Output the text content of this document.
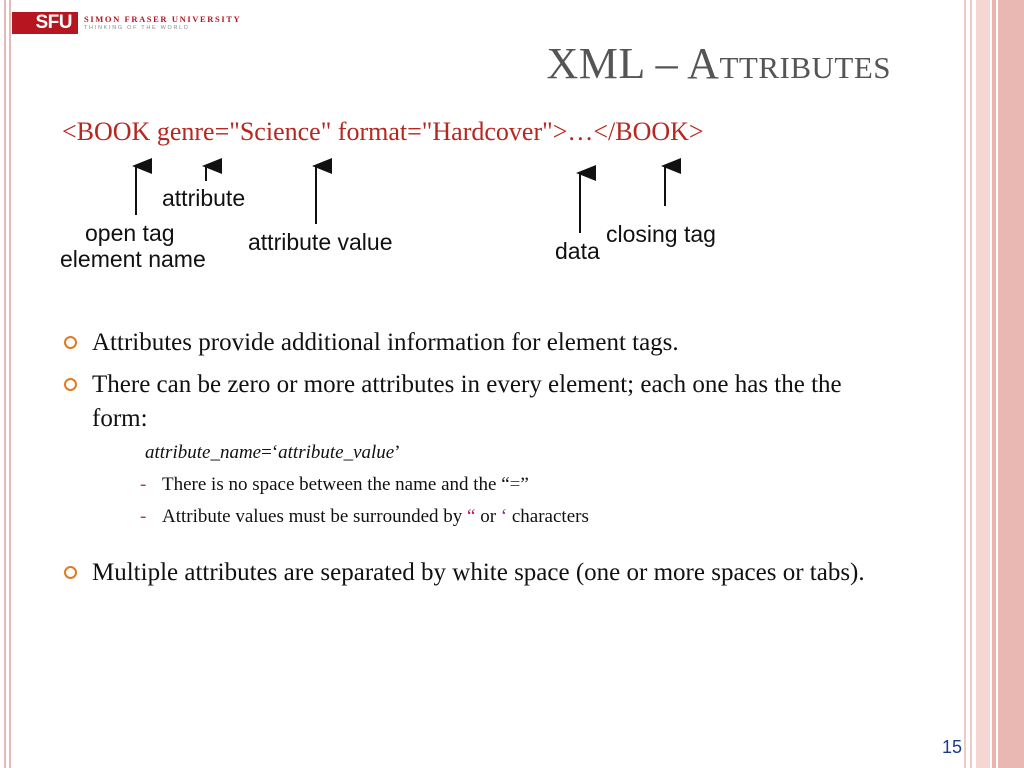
SFU	SIMON FRASER UNIVERSITY
THINKING OF THE WORLD
XML – Attributes
<BOOK genre="Science" format="Hardcover">…</BOOK>
attribute
open tag
element name
attribute value	data
closing tag
Attributes provide additional information for element tags.
There can be zero or more attributes in every element; each one has the the form:
attribute_name=‘attribute_value’
- There is no space between the name and the “=”
- Attribute values must be surrounded by “ or ‘ characters
Multiple attributes are separated by white space (one or more spaces or tabs).
15
